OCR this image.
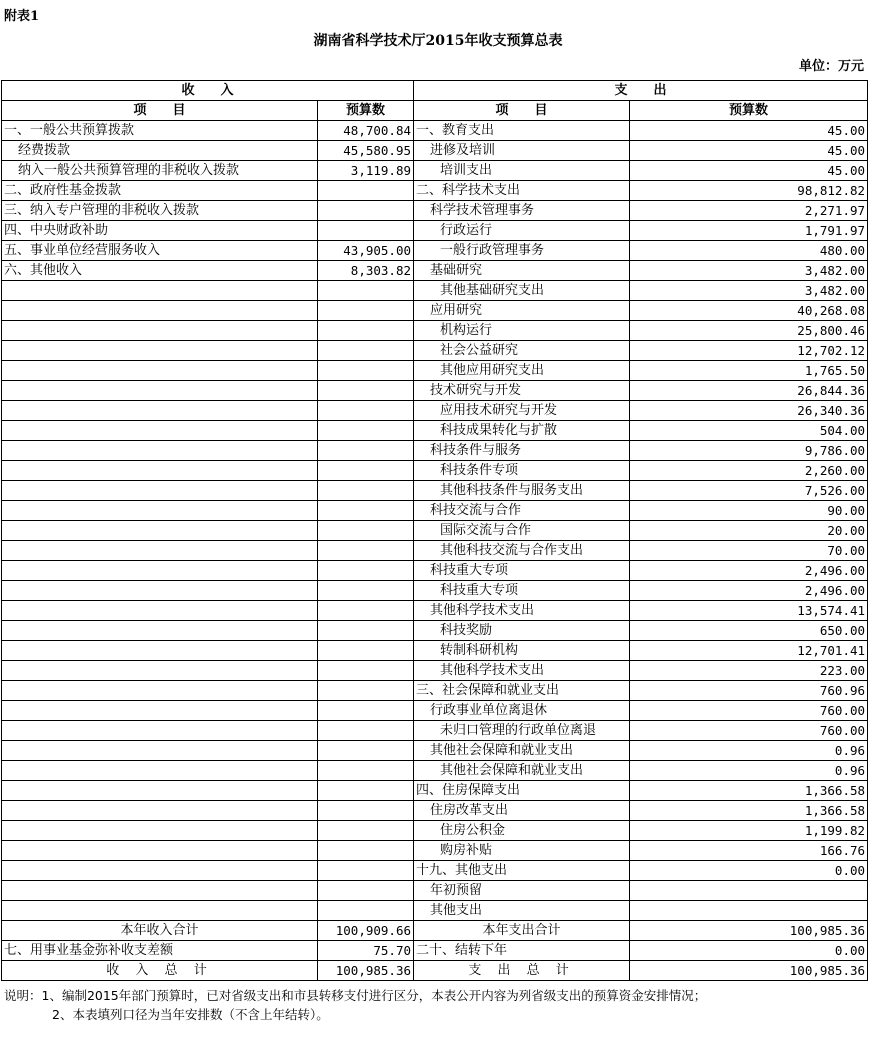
附表1
湖南省科学技术厅2015年收支预算总表
单位：万元
收　　入		支　　出	
项　　目	预算数	项　　目	预算数
一、一般公共预算拨款	48,700.84	一、教育支出	45.00
经费拨款	45,580.95	进修及培训	45.00
纳入一般公共预算管理的非税收入拨款	3,119.89	培训支出	45.00
二、政府性基金拨款		二、科学技术支出	98,812.82
三、纳入专户管理的非税收入拨款		科学技术管理事务	2,271.97
四、中央财政补助		行政运行	1,791.97
五、事业单位经营服务收入	43,905.00	一般行政管理事务	480.00
六、其他收入	8,303.82	基础研究	3,482.00
		其他基础研究支出	3,482.00
		应用研究	40,268.08
		机构运行	25,800.46
		社会公益研究	12,702.12
		其他应用研究支出	1,765.50
		技术研究与开发	26,844.36
		应用技术研究与开发	26,340.36
		科技成果转化与扩散	504.00
		科技条件与服务	9,786.00
		科技条件专项	2,260.00
		其他科技条件与服务支出	7,526.00
		科技交流与合作	90.00
		国际交流与合作	20.00
		其他科技交流与合作支出	70.00
		科技重大专项	2,496.00
		科技重大专项	2,496.00
		其他科学技术支出	13,574.41
		科技奖励	650.00
		转制科研机构	12,701.41
		其他科学技术支出	223.00
		三、社会保障和就业支出	760.96
		行政事业单位离退休	760.00
		未归口管理的行政单位离退	760.00
		其他社会保障和就业支出	0.96
		其他社会保障和就业支出	0.96
		四、住房保障支出	1,366.58
		住房改革支出	1,366.58
		住房公积金	1,199.82
		购房补贴	166.76
		十九、其他支出	0.00
		年初预留	
		其他支出	
本年收入合计	100,909.66	本年支出合计	100,985.36
七、用事业基金弥补收支差额	75.70	二十、结转下年	0.00
收 入 总 计	100,985.36	支 出 总 计	100,985.36
说明：1、编制2015年部门预算时，已对省级支出和市县转移支付进行区分，本表公开内容为列省级支出的预算资金安排情况；
2、本表填列口径为当年安排数（不含上年结转）。
